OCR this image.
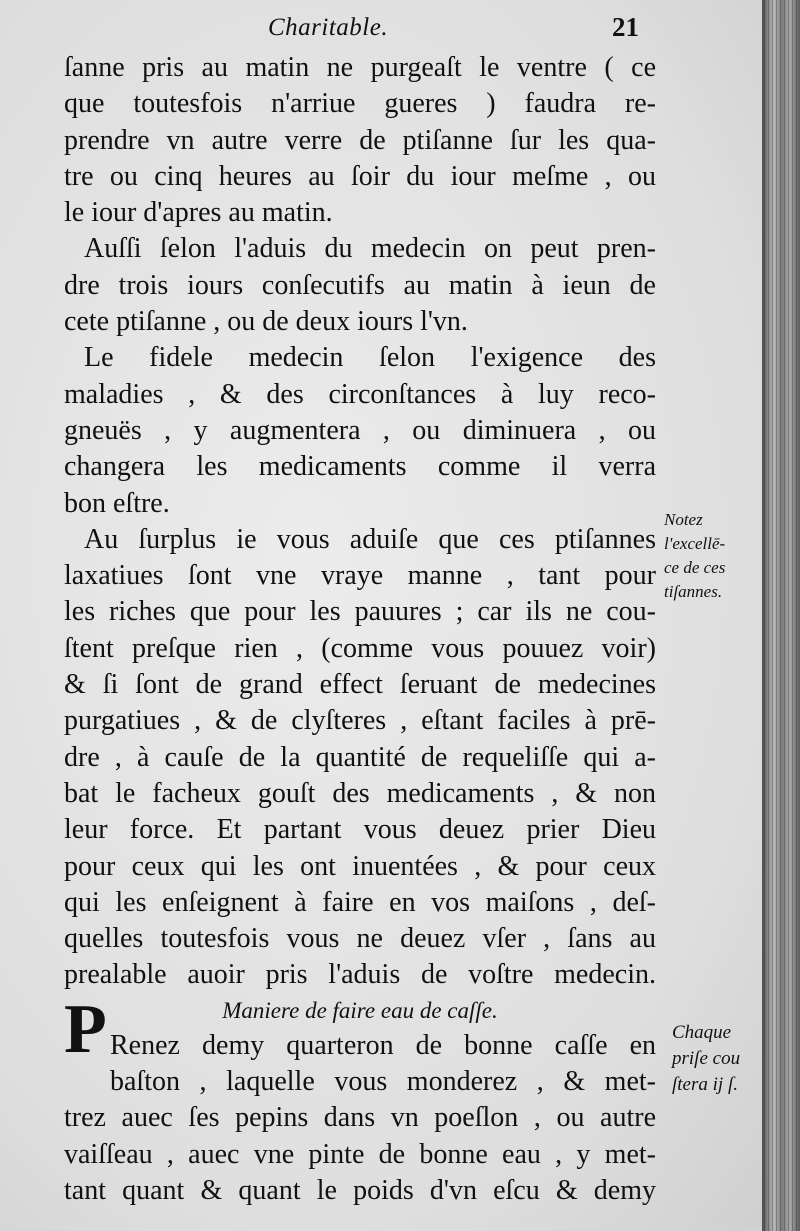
Charitable.	21
ſanne pris au matin ne purgeaſt le ventre ( ce
que toutesfois n'arriue gueres ) faudra re-
prendre vn autre verre de ptiſanne ſur les qua-
tre ou cinq heures au ſoir du iour meſme , ou
le iour d'apres au matin.
Auſſi ſelon l'aduis du medecin on peut pren-
dre trois iours conſecutifs au matin à ieun de
cete ptiſanne , ou de deux iours l'vn.
Le fidele medecin ſelon l'exigence des
maladies , & des circonſtances à luy reco-
gneuës , y augmentera , ou diminuera , ou
changera les medicaments comme il verra
bon eſtre.
Au ſurplus ie vous aduiſe que ces ptiſannes
laxatiues ſont vne vraye manne , tant pour
les riches que pour les pauures ; car ils ne cou-
ſtent preſque rien , (comme vous pouuez voir)
& ſi ſont de grand effect ſeruant de medecines
purgatiues , & de clyſteres , eſtant faciles à prē-
dre , à cauſe de la quantité de requeliſſe qui a-
bat le facheux gouſt des medicaments , & non
leur force. Et partant vous deuez prier Dieu
pour ceux qui les ont inuentées , & pour ceux
qui les enſeignent à faire en vos maiſons , deſ-
quelles toutesfois vous ne deuez vſer , ſans au
prealable auoir pris l'aduis de voſtre medecin.
Maniere de faire eau de caſſe.
Renez demy quarteron de bonne caſſe en
baſton , laquelle vous monderez , & met-
trez auec ſes pepins dans vn poeſlon , ou autre
vaiſſeau , auec vne pinte de bonne eau , y met-
tant quant & quant le poids d'vn eſcu & demy
P
Notez
l'excellē-
ce de ces
tiſannes.
Chaque
priſe cou
ſtera ij ſ.
